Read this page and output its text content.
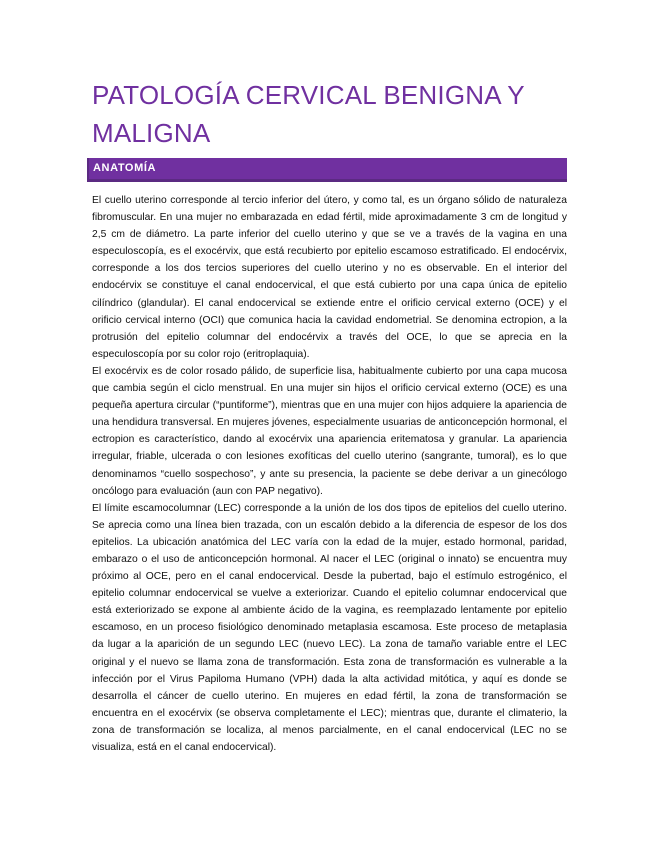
PATOLOGÍA CERVICAL BENIGNA Y MALIGNA
ANATOMÍA

El cuello uterino corresponde al tercio inferior del útero, y como tal, es un órgano sólido de naturaleza fibromuscular. En una mujer no embarazada en edad fértil, mide aproximadamente 3 cm de longitud y 2,5 cm de diámetro. La parte inferior del cuello uterino y que se ve a través de la vagina en una especuloscopía, es el exocérvix, que está recubierto por epitelio escamoso estratificado. El endocérvix, corresponde a los dos tercios superiores del cuello uterino y no es observable. En el interior del endocérvix se constituye el canal endocervical, el que está cubierto por una capa única de epitelio cilíndrico (glandular). El canal endocervical se extiende entre el orificio cervical externo (OCE) y el orificio cervical interno (OCI) que comunica hacia la cavidad endometrial. Se denomina ectropion, a la protrusión del epitelio columnar del endocérvix a través del OCE, lo que se aprecia en la especuloscopía por su color rojo (eritroplaquia).

El exocérvix es de color rosado pálido, de superficie lisa, habitualmente cubierto por una capa mucosa que cambia según el ciclo menstrual. En una mujer sin hijos el orificio cervical externo (OCE) es una pequeña apertura circular (“puntiforme”), mientras que en una mujer con hijos adquiere la apariencia de una hendidura transversal. En mujeres jóvenes, especialmente usuarias de anticoncepción hormonal, el ectropion es característico, dando al exocérvix una apariencia eritematosa y granular. La apariencia irregular, friable, ulcerada o con lesiones exofíticas del cuello uterino (sangrante, tumoral), es lo que denominamos “cuello sospechoso”, y ante su presencia, la paciente se debe derivar a un ginecólogo oncólogo para evaluación (aun con PAP negativo).

El límite escamocolumnar (LEC) corresponde a la unión de los dos tipos de epitelios del cuello uterino. Se aprecia como una línea bien trazada, con un escalón debido a la diferencia de espesor de los dos epitelios. La ubicación anatómica del LEC varía con la edad de la mujer, estado hormonal, paridad, embarazo o el uso de anticoncepción hormonal. Al nacer el LEC (original o innato) se encuentra muy próximo al OCE, pero en el canal endocervical. Desde la pubertad, bajo el estímulo estrogénico, el epitelio columnar endocervical se vuelve a exteriorizar. Cuando el epitelio columnar endocervical que está exteriorizado se expone al ambiente ácido de la vagina, es reemplazado lentamente por epitelio escamoso, en un proceso fisiológico denominado metaplasia escamosa. Este proceso de metaplasia da lugar a la aparición de un segundo LEC (nuevo LEC). La zona de tamaño variable entre el LEC original y el nuevo se llama zona de transformación. Esta zona de transformación es vulnerable a la infección por el Virus Papiloma Humano (VPH) dada la alta actividad mitótica, y aquí es donde se desarrolla el cáncer de cuello uterino. En mujeres en edad fértil, la zona de transformación se encuentra en el exocérvix (se observa completamente el LEC); mientras que, durante el climaterio, la zona de transformación se localiza, al menos parcialmente, en el canal endocervical (LEC no se visualiza, está en el canal endocervical).
